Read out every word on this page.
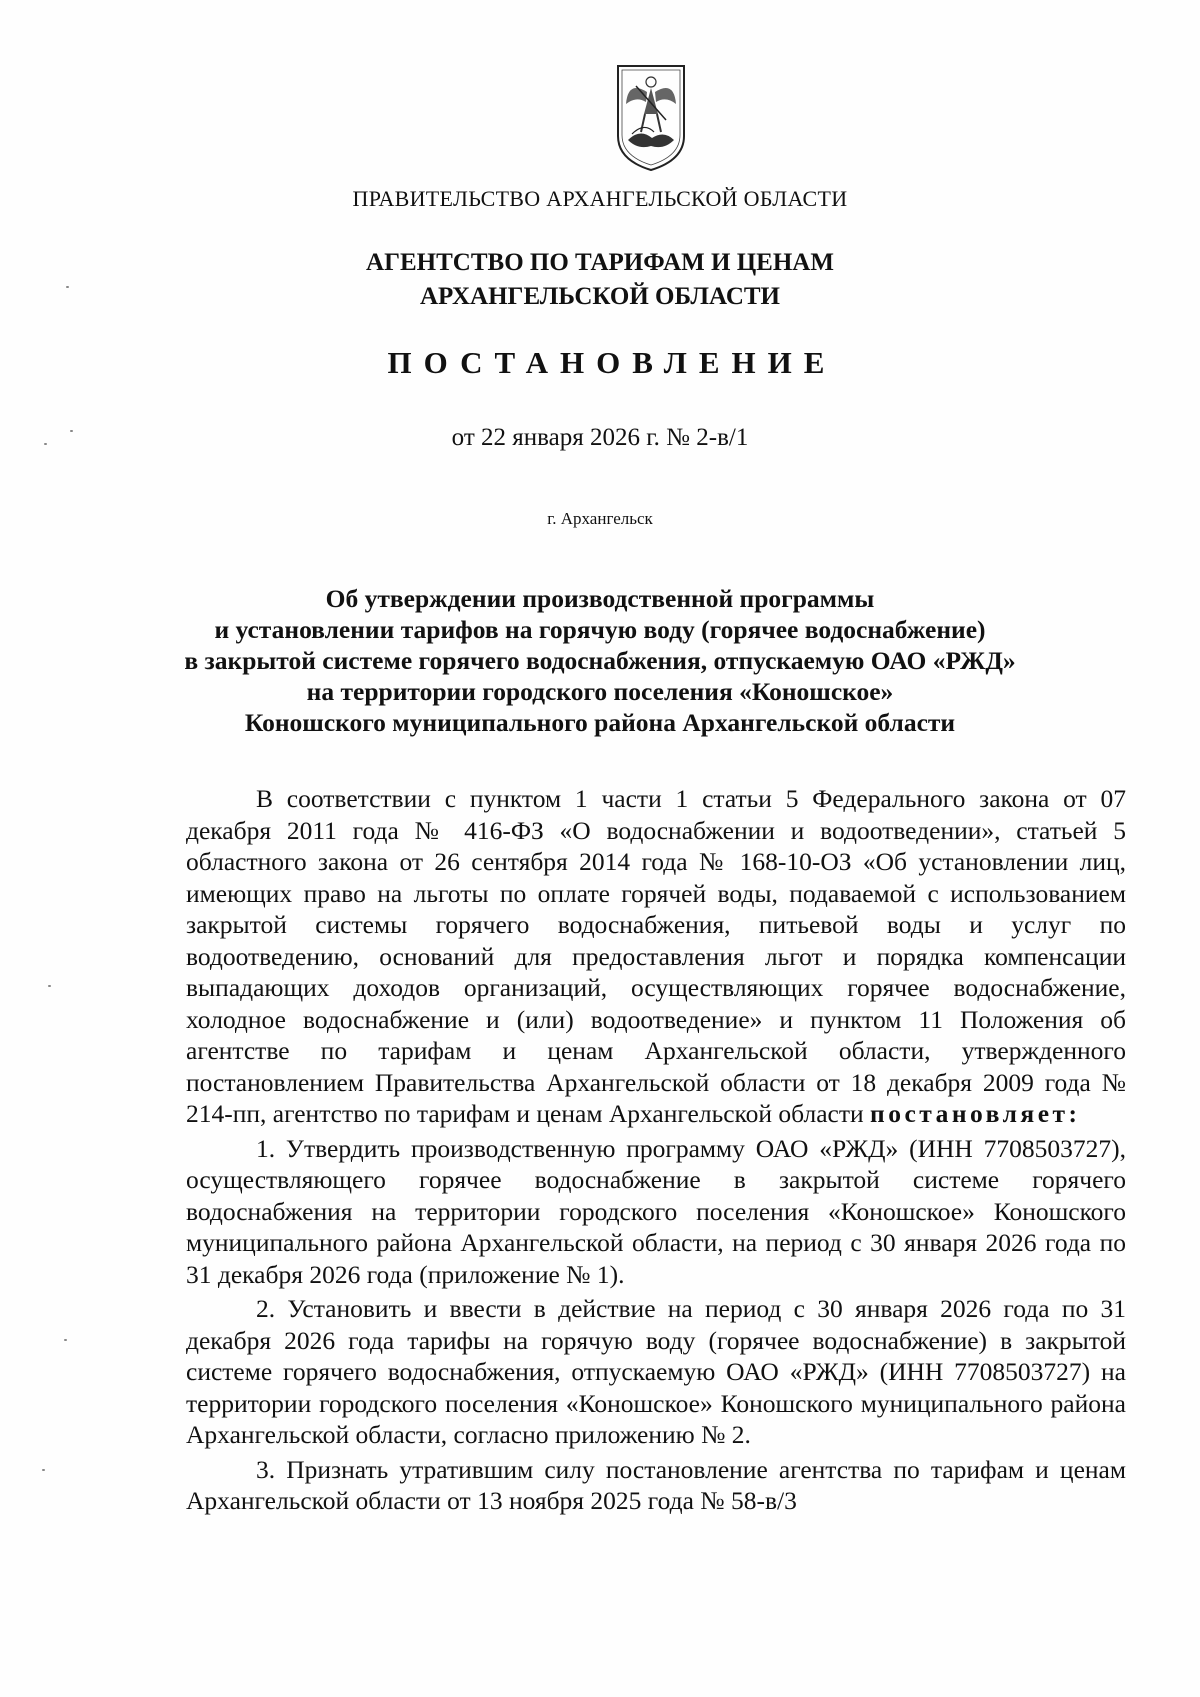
ПРАВИТЕЛЬСТВО АРХАНГЕЛЬСКОЙ ОБЛАСТИ

АГЕНТСТВО ПО ТАРИФАМ И ЦЕНАМ
АРХАНГЕЛЬСКОЙ ОБЛАСТИ

ПОСТАНОВЛЕНИЕ

от 22 января 2026 г. № 2-в/1

г. Архангельск

Об утверждении производственной программы
и установлении тарифов на горячую воду (горячее водоснабжение)
в закрытой системе горячего водоснабжения, отпускаемую ОАО «РЖД»
на территории городского поселения «Коношское»
Коношского муниципального района Архангельской области

В соответствии с пунктом 1 части 1 статьи 5 Федерального закона от 07 декабря 2011 года № 416-ФЗ «О водоснабжении и водоотведении», статьей 5 областного закона от 26 сентября 2014 года № 168-10-ОЗ «Об установлении лиц, имеющих право на льготы по оплате горячей воды, подаваемой с использованием закрытой системы горячего водоснабжения, питьевой воды и услуг по водоотведению, оснований для предоставления льгот и порядка компенсации выпадающих доходов организаций, осуществляющих горячее водоснабжение, холодное водоснабжение и (или) водоотведение» и пунктом 11 Положения об агентстве по тарифам и ценам Архангельской области, утвержденного постановлением Правительства Архангельской области от 18 декабря 2009 года № 214-пп, агентство по тарифам и ценам Архангельской области постановляет:

1. Утвердить производственную программу ОАО «РЖД» (ИНН 7708503727), осуществляющего горячее водоснабжение в закрытой системе горячего водоснабжения на территории городского поселения «Коношское» Коношского муниципального района Архангельской области, на период с 30 января 2026 года по 31 декабря 2026 года (приложение № 1).

2. Установить и ввести в действие на период с 30 января 2026 года по 31 декабря 2026 года тарифы на горячую воду (горячее водоснабжение) в закрытой системе горячего водоснабжения, отпускаемую ОАО «РЖД» (ИНН 7708503727) на территории городского поселения «Коношское» Коношского муниципального района Архангельской области, согласно приложению № 2.

3. Признать утратившим силу постановление агентства по тарифам и ценам Архангельской области от 13 ноября 2025 года № 58-в/3
